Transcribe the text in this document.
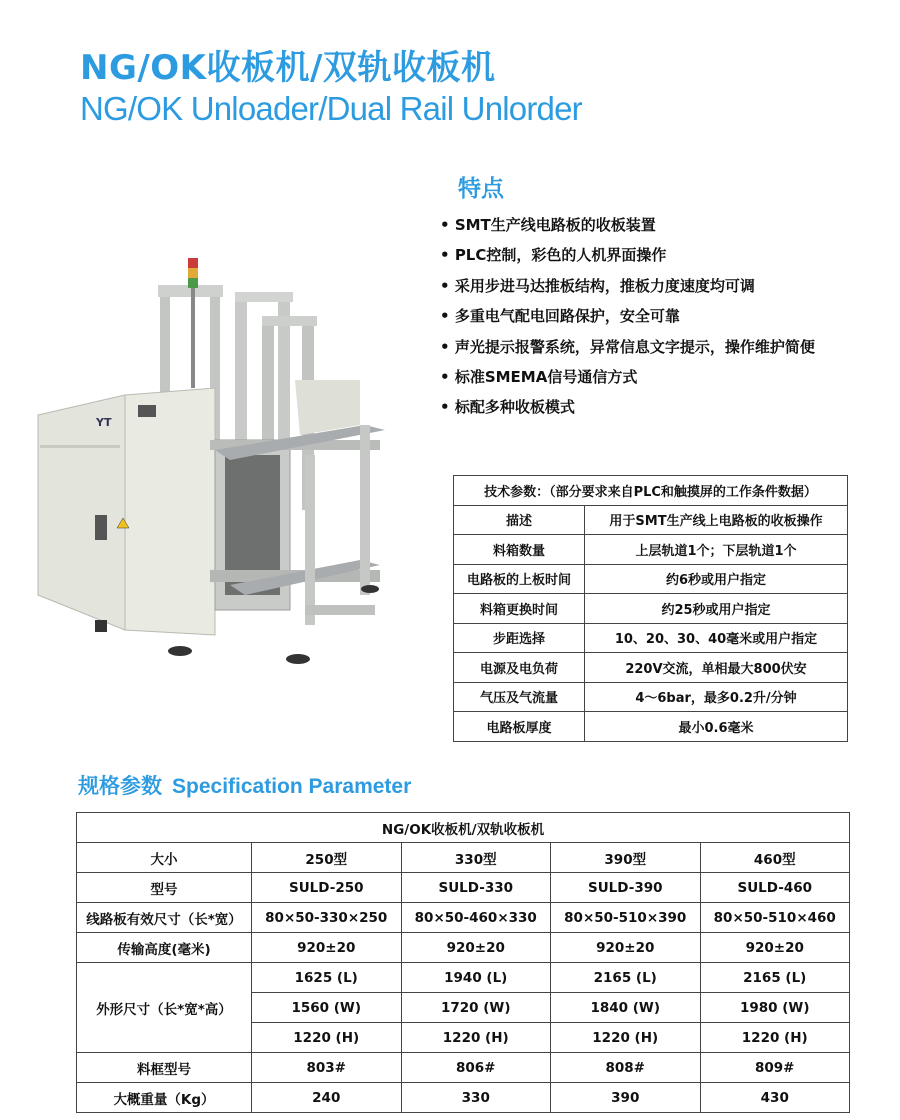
NG/OK收板机/双轨收板机
NG/OK Unloader/Dual Rail Unlorder
YT
特点
• SMT生产线电路板的收板装置
• PLC控制，彩色的人机界面操作
• 采用步进马达推板结构，推板力度速度均可调
• 多重电气配电回路保护，安全可靠
• 声光提示报警系统，异常信息文字提示，操作维护简便
• 标准SMEMA信号通信方式
• 标配多种收板模式
技术参数：（部分要求来自PLC和触摸屏的工作条件数据）	
描述	用于SMT生产线上电路板的收板操作
料箱数量	上层轨道1个；下层轨道1个
电路板的上板时间	约6秒或用户指定
料箱更换时间	约25秒或用户指定
步距选择	10、20、30、40毫米或用户指定
电源及电负荷	220V交流，单相最大800伏安
气压及气流量	4～6bar，最多0.2升/分钟
电路板厚度	最小0.6毫米
规格参数 Specification Parameter
NG/OK收板机/双轨收板机				
大小	250型	330型	390型	460型
型号	SULD-250	SULD-330	SULD-390	SULD-460
线路板有效尺寸（长*宽）	80×50-330×250	80×50-460×330	80×50-510×390	80×50-510×460
传输高度(毫米)	920±20	920±20	920±20	920±20
外形尺寸（长*宽*高）	1625 (L)	1940 (L)	2165 (L)	2165 (L)
	1560 (W)	1720 (W)	1840 (W)	1980 (W)
	1220 (H)	1220 (H)	1220 (H)	1220 (H)
料框型号	803#	806#	808#	809#
大概重量（Kg）	240	330	390	430
